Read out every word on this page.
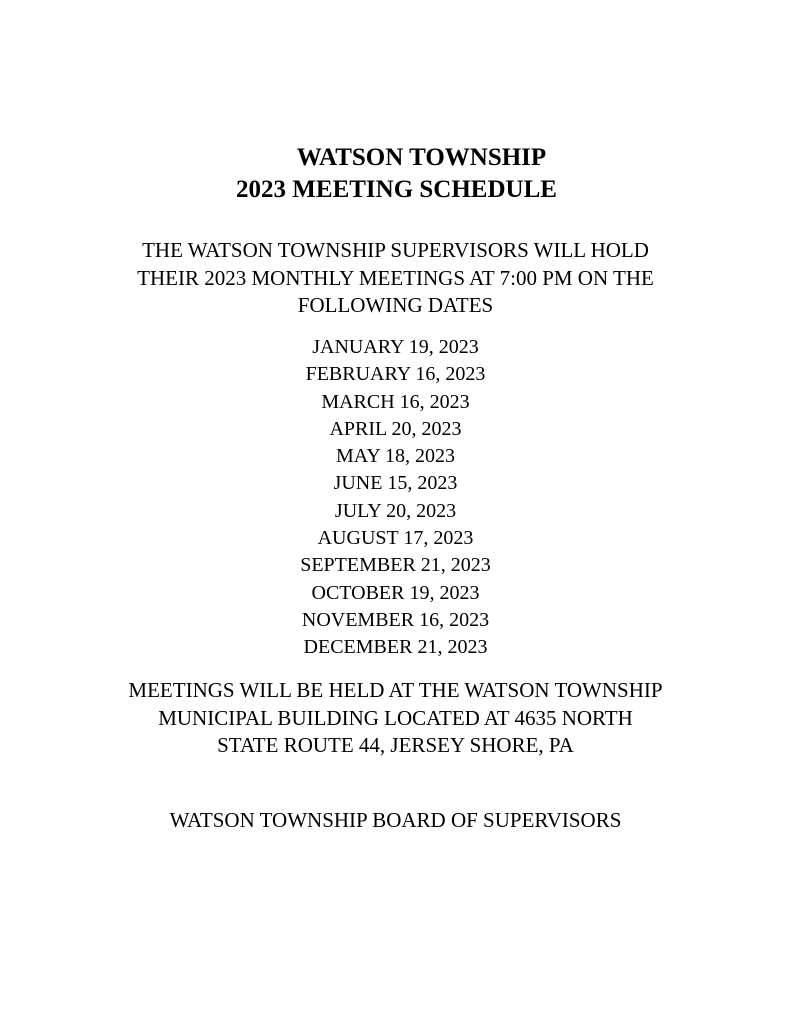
WATSON TOWNSHIP
2023 MEETING SCHEDULE
THE WATSON TOWNSHIP SUPERVISORS WILL HOLD
THEIR 2023 MONTHLY MEETINGS AT 7:00 PM ON THE
FOLLOWING DATES
JANUARY 19, 2023
FEBRUARY 16, 2023
MARCH 16, 2023
APRIL 20, 2023
MAY 18, 2023
JUNE 15, 2023
JULY 20, 2023
AUGUST 17, 2023
SEPTEMBER 21, 2023
OCTOBER 19, 2023
NOVEMBER 16, 2023
DECEMBER 21, 2023
MEETINGS WILL BE HELD AT THE WATSON TOWNSHIP
MUNICIPAL BUILDING LOCATED AT 4635 NORTH
STATE ROUTE 44, JERSEY SHORE, PA
WATSON TOWNSHIP BOARD OF SUPERVISORS
